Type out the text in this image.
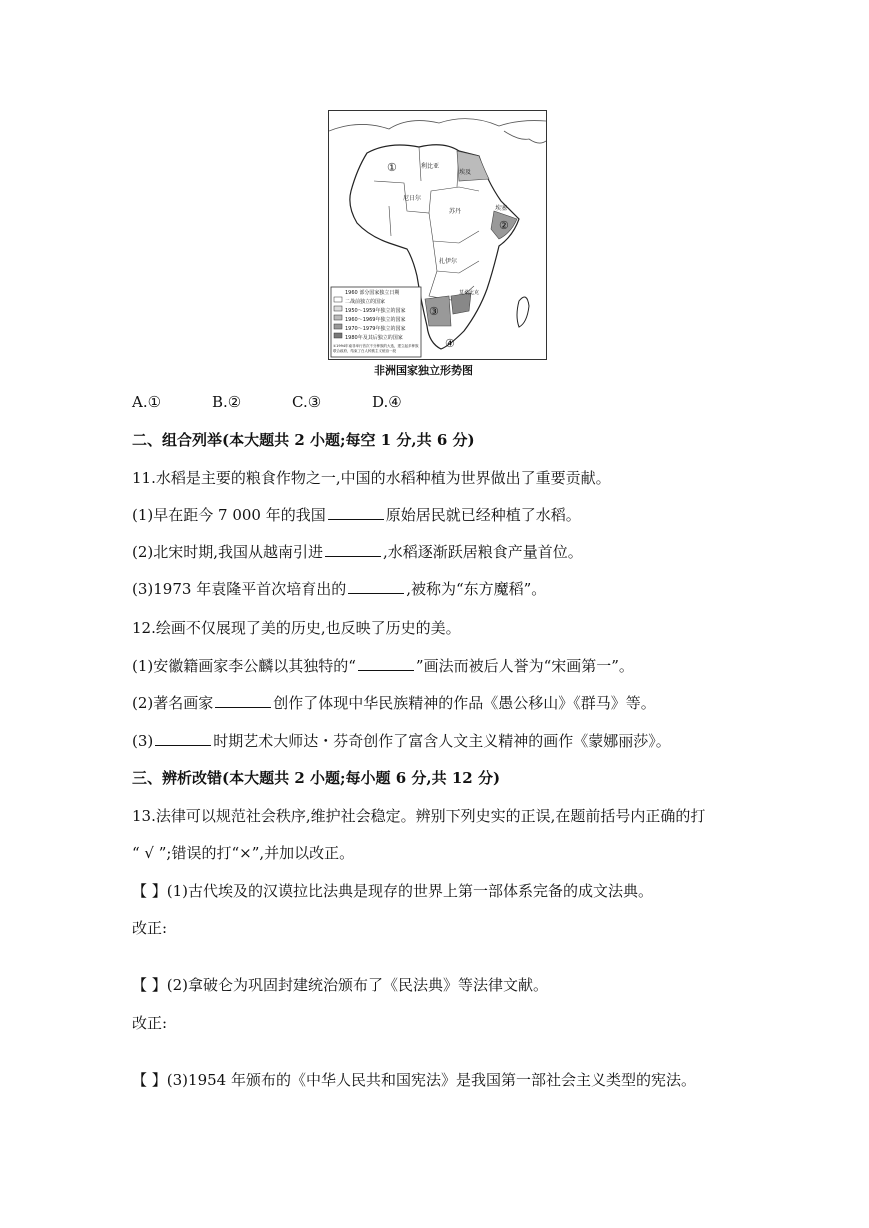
①
②
③
④
利比亚
埃及
尼日尔
苏丹	埃塞
扎伊尔
莫桑比克
1960 部分国家独立日期
二战前独立的国家
1950～1959年独立的国家
1960～1969年独立的国家
1970～1979年独立的国家
1980年及其后独立的国家
①1994年南非举行首次不分种族的大选，建立起多种族联合政府，结束了白人种族主义统治一段
非洲国家独立形势图
A.①	B.②	C.③	D.④
二、组合列举(本大题共 2 小题;每空 1 分,共 6 分)
11.水稻是主要的粮食作物之一,中国的水稻种植为世界做出了重要贡献。
(1)早在距今 7 000 年的我国	原始居民就已经种植了水稻。
(2)北宋时期,我国从越南引进	,水稻逐渐跃居粮食产量首位。
(3)1973 年袁隆平首次培育出的	,被称为“东方魔稻”。
12.绘画不仅展现了美的历史,也反映了历史的美。
(1)安徽籍画家李公麟以其独特的“	”画法而被后人誉为“宋画第一”。
(2)著名画家	创作了体现中华民族精神的作品《愚公移山》《群马》等。
(3)	时期艺术大师达・芬奇创作了富含人文主义精神的画作《蒙娜丽莎》。
三、辨析改错(本大题共 2 小题;每小题 6 分,共 12 分)
13.法律可以规范社会秩序,维护社会稳定。辨别下列史实的正误,在题前括号内正确的打
“ √ ”;错误的打“×”,并加以改正。
【 】(1)古代埃及的汉谟拉比法典是现存的世界上第一部体系完备的成文法典。
改正:
【 】(2)拿破仑为巩固封建统治颁布了《民法典》等法律文献。
改正:
【 】(3)1954 年颁布的《中华人民共和国宪法》是我国第一部社会主义类型的宪法。
